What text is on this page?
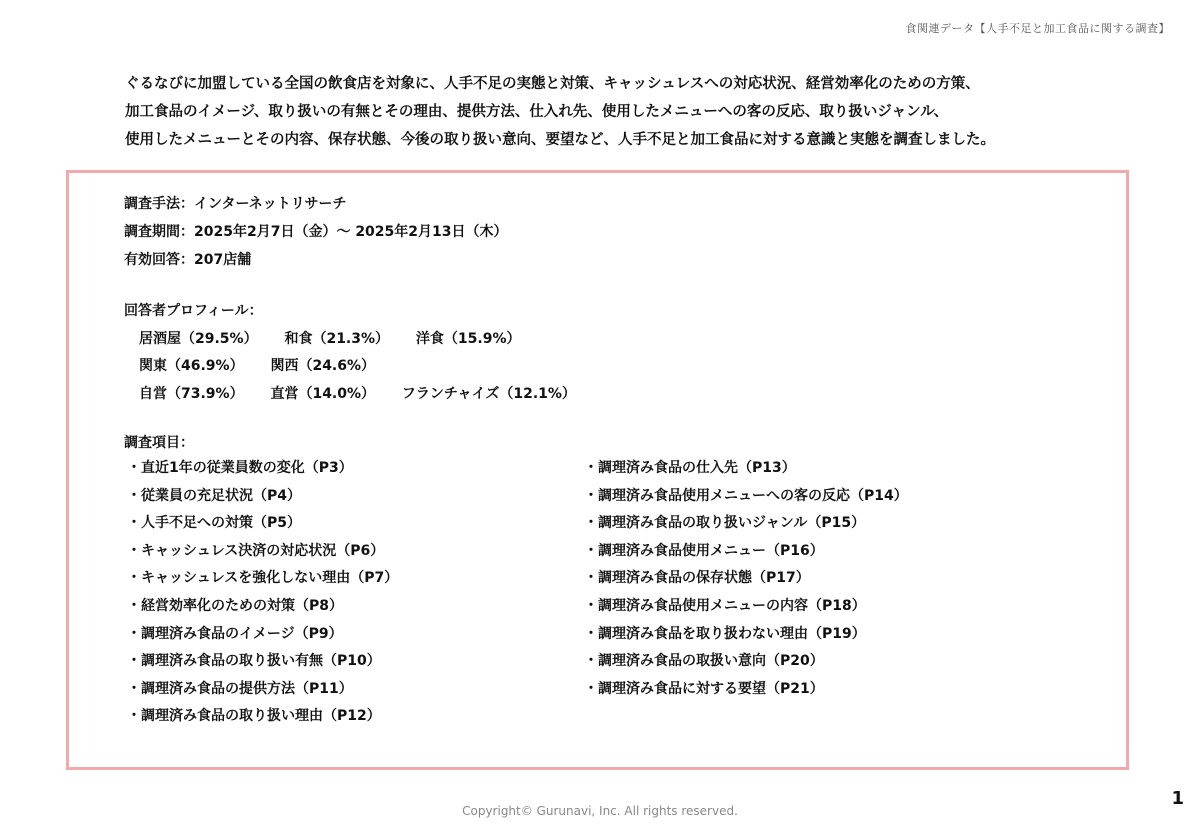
食関連データ【人手不足と加工食品に関する調査】
ぐるなびに加盟している全国の飲食店を対象に、人手不足の実態と対策、キャッシュレスへの対応状況、経営効率化のための方策、
加工食品のイメージ、取り扱いの有無とその理由、提供方法、仕入れ先、使用したメニューへの客の反応、取り扱いジャンル、
使用したメニューとその内容、保存状態、今後の取り扱い意向、要望など、人手不足と加工食品に対する意識と実態を調査しました。
調査手法：インターネットリサーチ
調査期間：2025年2月7日（金）～ 2025年2月13日（木）
有効回答：207店舗
回答者プロフィール：
居酒屋（29.5%） 和食（21.3%） 洋食（15.9%）
関東（46.9%） 関西（24.6%）
自営（73.9%） 直営（14.0%） フランチャイズ（12.1%）
調査項目：
・ 直近1年の従業員数の変化（P3）
・ 従業員の充足状況（P4）
・ 人手不足への対策（P5）
・ キャッシュレス決済の対応状況（P6）
・ キャッシュレスを強化しない理由（P7）
・ 経営効率化のための対策（P8）
・ 調理済み食品のイメージ（P9）
・ 調理済み食品の取り扱い有無（P10）
・ 調理済み食品の提供方法（P11）
・ 調理済み食品の取り扱い理由（P12）
・ 調理済み食品の仕入先（P13）
・ 調理済み食品使用メニューへの客の反応（P14）
・ 調理済み食品の取り扱いジャンル（P15）
・ 調理済み食品使用メニュー（P16）
・ 調理済み食品の保存状態（P17）
・ 調理済み食品使用メニューの内容（P18）
・ 調理済み食品を取り扱わない理由（P19）
・ 調理済み食品の取扱い意向（P20）
・ 調理済み食品に対する要望（P21）
1
Copyright© Gurunavi, Inc. All rights reserved.
